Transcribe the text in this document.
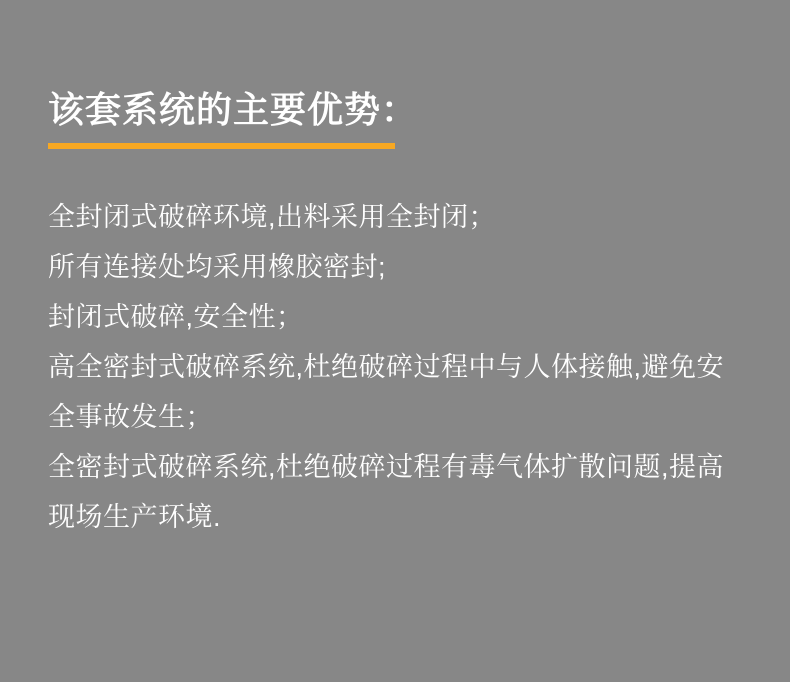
该套系统的主要优势：
全封闭式破碎环境,出料采用全封闭；
所有连接处均采用橡胶密封;
封闭式破碎,安全性；
高全密封式破碎系统,杜绝破碎过程中与人体接触,避免安全事故发生；
全密封式破碎系统,杜绝破碎过程有毒气体扩散问题,提高现场生产环境.
